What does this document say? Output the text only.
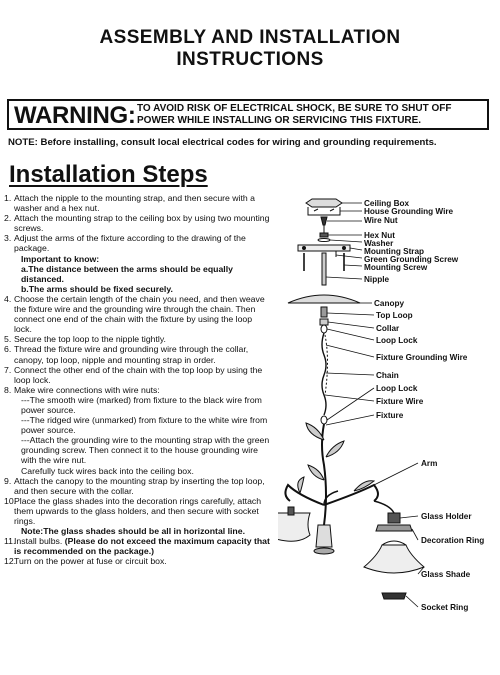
ASSEMBLY AND INSTALLATION
INSTRUCTIONS
WARNING: TO AVOID RISK OF ELECTRICAL SHOCK, BE SURE TO SHUT OFF
POWER WHILE INSTALLING OR SERVICING THIS FIXTURE.
NOTE: Before installing, consult local electrical codes for wiring and grounding requirements.
Installation Steps
1. Attach the nipple to the mounting strap, and then secure with a washer and a hex nut.
2. Attach the mounting strap to the ceiling box by using two mounting screws.
3. Adjust the arms of the fixture according to the drawing of the package.
Important to know:
a.The distance between the arms should be equally distanced.
b.The arms should be fixed securely.
4. Choose the certain length of the chain you need, and then weave the fixture wire and the grounding wire through the chain. Then connect one end of the chain with the fixture by using the loop lock.
5. Secure the top loop to the nipple tightly.
6. Thread the fixture wire and grounding wire through the collar, canopy, top loop, nipple and mounting strap in order.
7. Connect the other end of the chain with the top loop by using the loop lock.
8. Make wire connections with wire nuts:
---The smooth wire (marked) from fixture to the black wire from power source.
---The ridged wire (unmarked) from fixture to the white wire from power source.
---Attach the grounding wire to the mounting strap with the green grounding screw. Then connect it to the house grounding wire with the wire nut.
Carefully tuck wires back into the ceiling box.
9. Attach the canopy to the mounting strap by inserting the top loop, and then secure with the collar.
10.
Place the glass shades into the decoration rings carefully, attach them upwards to the glass holders, and then secure with socket rings.
Note:The glass shades should be all in horizontal line.
11.
Install bulbs. (Please do not exceed the maximum capacity that is recommended on the package.)
12.
Turn on the power at fuse or circuit box.
Ceiling Box
House Grounding Wire
Wire Nut
Hex Nut
Washer
Mounting Strap
Green Grounding Screw
Mounting Screw
Nipple
Canopy
Top Loop
Collar
Loop Lock
Fixture Grounding Wire
Chain
Loop Lock
Fixture Wire
Fixture
Arm
Glass Holder
Decoration Ring
Glass Shade
Socket Ring
